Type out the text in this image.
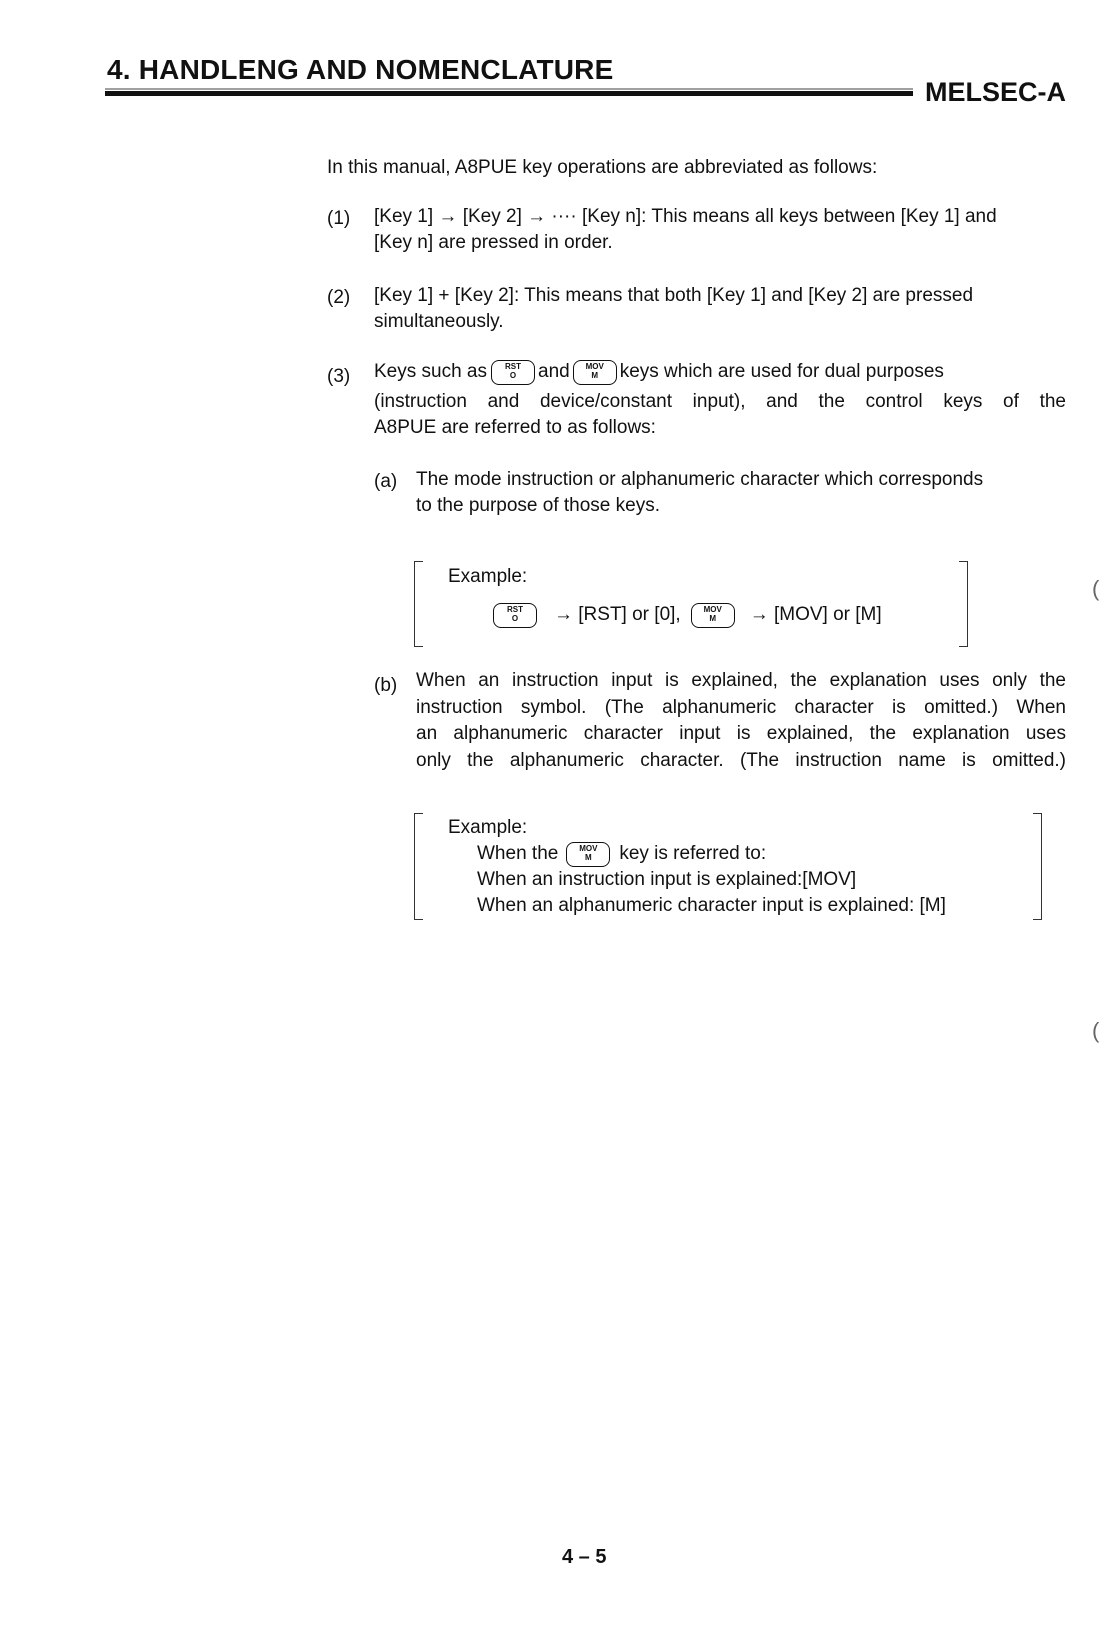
4. HANDLENG AND NOMENCLATURE
MELSEC-A
In this manual, A8PUE key operations are abbreviated as follows:
(1) [Key 1] → [Key 2] → ···· [Key n]: This means all keys between [Key 1] and
[Key n] are pressed in order.
(2) [Key 1] + [Key 2]: This means that both [Key 1] and [Key 2] are pressed
simultaneously.
(3) Keys such as	RST
O	and	MOV
M	keys which are used for dual purposes
(instruction and device/constant input), and the control keys of the
A8PUE are referred to as follows:
(a) The mode instruction or alphanumeric character which corresponds
to the purpose of those keys.
Example:
RST
O	→ [RST] or [0],	MOV
M	→ [MOV] or [M]
(b) When an instruction input is explained, the explanation uses only the
instruction symbol. (The alphanumeric character is omitted.) When
an alphanumeric character input is explained, the explanation uses
only the alphanumeric character. (The instruction name is omitted.)
Example:
When the	MOV
M	key is referred to:
When an instruction input is explained:[MOV]
When an alphanumeric character input is explained: [M]
(
(
4 – 5
